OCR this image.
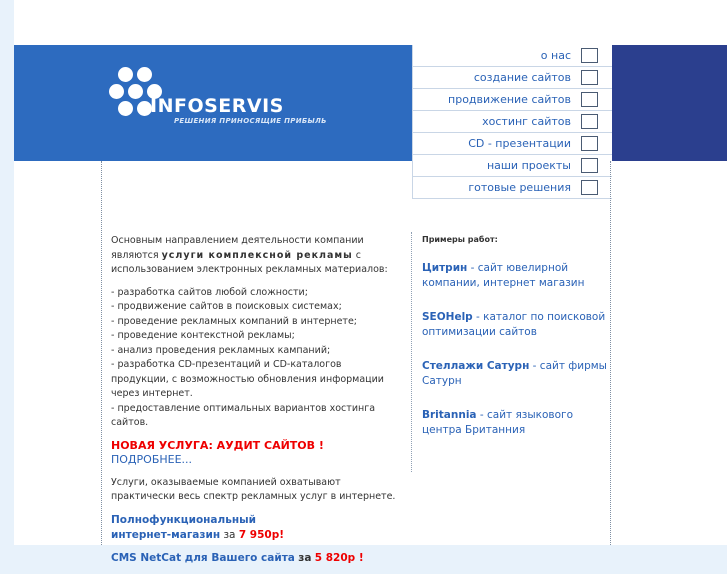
INFOSERVIS
РЕШЕНИЯ ПРИНОСЯЩИЕ ПРИБЫЛЬ
о нас
создание сайтов
продвижение сайтов
хостинг сайтов
CD - презентации
наши проекты
готовые решения

Основным направлением деятельности компании являются услуги комплексной рекламы с использованием электронных рекламных материалов:

- разработка сайтов любой сложности;
- продвижение сайтов в поисковых системах;
- проведение рекламных компаний в интернете;
- проведение контекстной рекламы;
- анализ проведения рекламных кампаний;
- разработка CD-презентаций и CD-каталогов продукции, с возможностью обновления информации через интернет.
- предоставление оптимальных вариантов хостинга сайтов.

НОВАЯ УСЛУГА: АУДИТ САЙТОВ ! ПОДРОБНЕЕ...

Услуги, оказываемые компанией охватывают практически весь спектр рекламных услуг в интернете.

Полнофункциональный
интернет-магазин за 7 950р!

CMS NetCat для Вашего сайта за 5 820р !

Примеры работ:
Цитрин - сайт ювелирной компании, интернет магазин
SEOHelp - каталог по поисковой оптимизации сайтов
Стеллажи Сатурн - сайт фирмы Сатурн
Britannia - сайт языкового центра Британния
